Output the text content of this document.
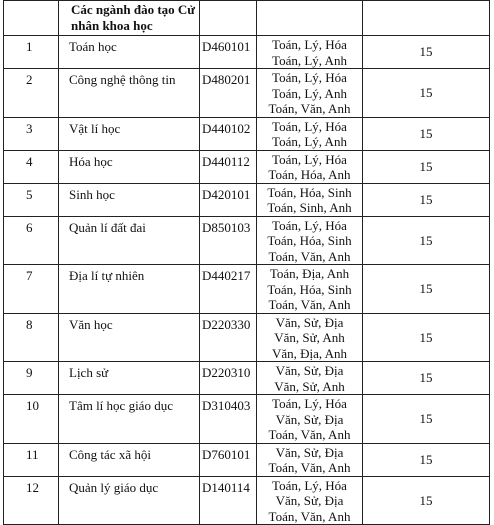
	Các ngành đào tạo Cử nhân khoa học			
1	Toán học	D460101	Toán, Lý, Hóa
Toán, Lý, Anh	15
2	Công nghệ thông tin	D480201	Toán, Lý, Hóa
Toán, Lý, Anh
Toán, Văn, Anh	15
3	Vật lí học	D440102	Toán, Lý, Hóa
Toán, Lý, Anh	15
4	Hóa học	D440112	Toán, Lý, Hóa
Toán, Hóa, Anh	15
5	Sinh học	D420101	Toán, Hóa, Sinh
Toán, Sinh, Anh	15
6	Quản lí đất đai	D850103	Toán, Lý, Hóa
Toán, Hóa, Sinh
Toán, Văn, Anh	15
7	Địa lí tự nhiên	D440217	Toán, Địa, Anh
Toán, Hóa, Sinh
Toán, Văn, Anh	15
8	Văn học	D220330	Văn, Sử, Địa
Văn, Sử, Anh
Văn, Địa, Anh	15
9	Lịch sử	D220310	Văn, Sử, Địa
Văn, Sử, Anh	15
10	Tâm lí học giáo dục	D310403	Toán, Lý, Hóa
Văn, Sử, Địa
Toán, Văn, Anh	15
11	Công tác xã hội	D760101	Văn, Sử, Địa
Toán, Văn, Anh	15
12	Quản lý giáo dục	D140114	Toán, Lý, Hóa
Văn, Sử, Địa
Toán, Văn, Anh	15
